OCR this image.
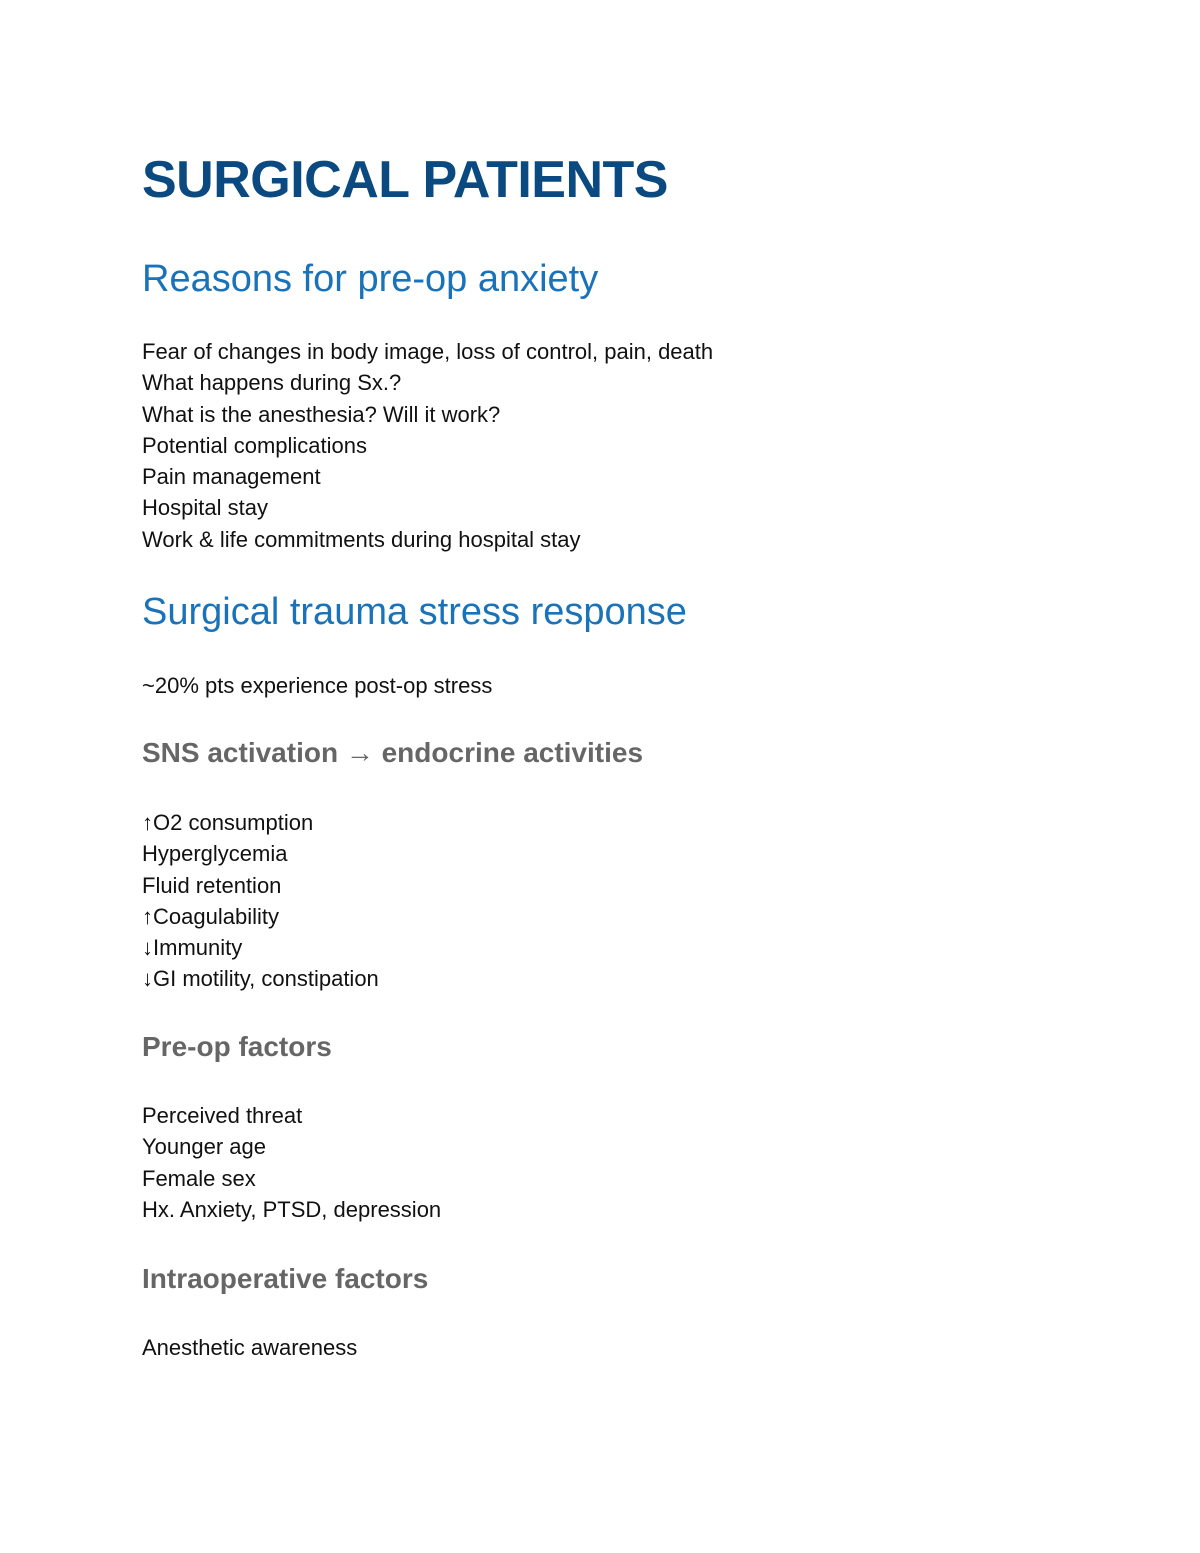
SURGICAL PATIENTS
Reasons for pre-op anxiety
Fear of changes in body image, loss of control, pain, death
What happens during Sx.?
What is the anesthesia? Will it work?
Potential complications
Pain management
Hospital stay
Work & life commitments during hospital stay
Surgical trauma stress response

~20% pts experience post-op stress

SNS activation → endocrine activities
↑O2 consumption
Hyperglycemia
Fluid retention
↑Coagulability
↓Immunity
↓GI motility, constipation
Pre-op factors
Perceived threat
Younger age
Female sex
Hx. Anxiety, PTSD, depression
Intraoperative factors
Anesthetic awareness
